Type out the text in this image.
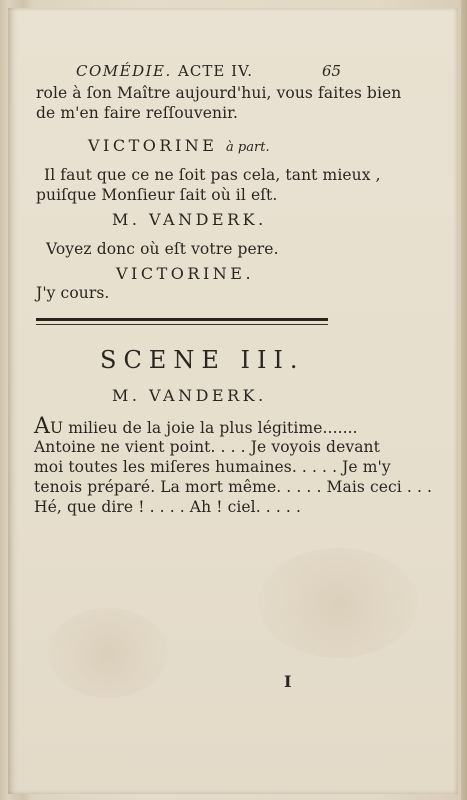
COMÉDIE. ACTE IV.	65
role à ſon Maître aujourd'hui, vous faites bien
de m'en faire reſſouvenir.
VICTORINE à part.
Il faut que ce ne ſoit pas cela, tant mieux ,
puiſque Monſieur ſait où il eſt.
M. VANDERK.
Voyez donc où eſt votre pere.
VICTORINE.
J'y cours.
SCENE III.
M. VANDERK.
AU milieu de la joie la plus légitime.......
Antoine ne vient point. . . . Je voyois devant
moi toutes les miſeres humaines. . . . . Je m'y
tenois préparé. La mort même. . . . . Mais ceci . . .
Hé, que dire ! . . . . Ah ! ciel. . . . .
I
